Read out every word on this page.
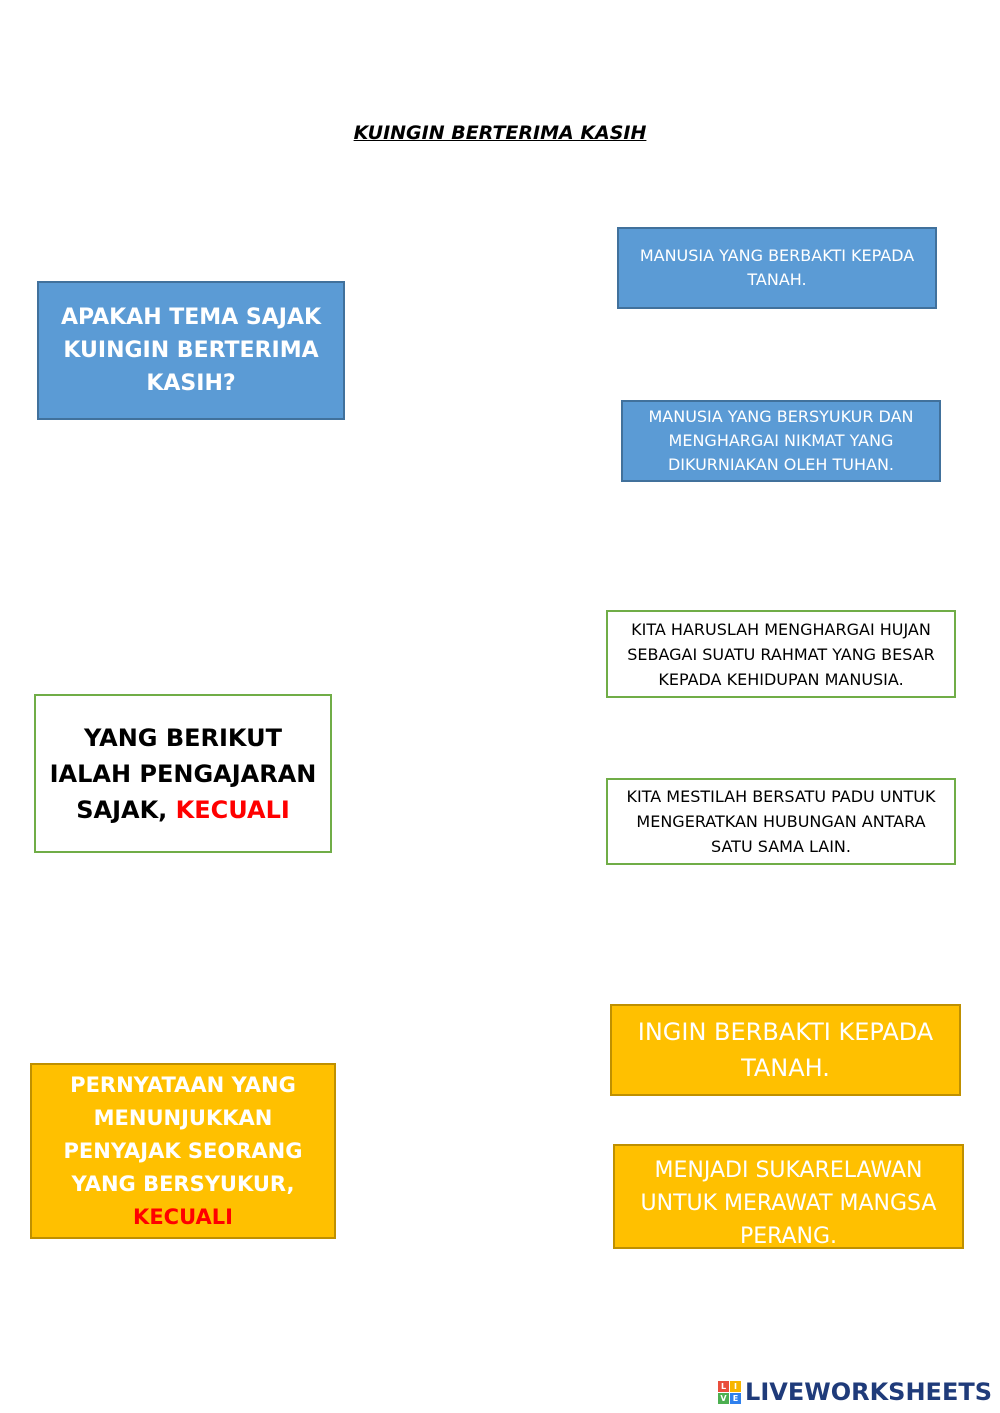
KUINGIN BERTERIMA KASIH
APAKAH TEMA SAJAK KUINGIN BERTERIMA KASIH?
YANG BERIKUT IALAH PENGAJARAN SAJAK, KECUALI
PERNYATAAN YANG MENUNJUKKAN PENYAJAK SEORANG YANG BERSYUKUR, KECUALI
MANUSIA YANG BERBAKTI KEPADA TANAH.
MANUSIA YANG BERSYUKUR DAN MENGHARGAI NIKMAT YANG DIKURNIAKAN OLEH TUHAN.
KITA HARUSLAH MENGHARGAI HUJAN SEBAGAI SUATU RAHMAT YANG BESAR KEPADA KEHIDUPAN MANUSIA.
KITA MESTILAH BERSATU PADU UNTUK MENGERATKAN HUBUNGAN ANTARA SATU SAMA LAIN.
INGIN BERBAKTI KEPADA TANAH.
MENJADI SUKARELAWAN UNTUK MERAWAT MANGSA PERANG.
L I
V E LIVEWORKSHEETS
